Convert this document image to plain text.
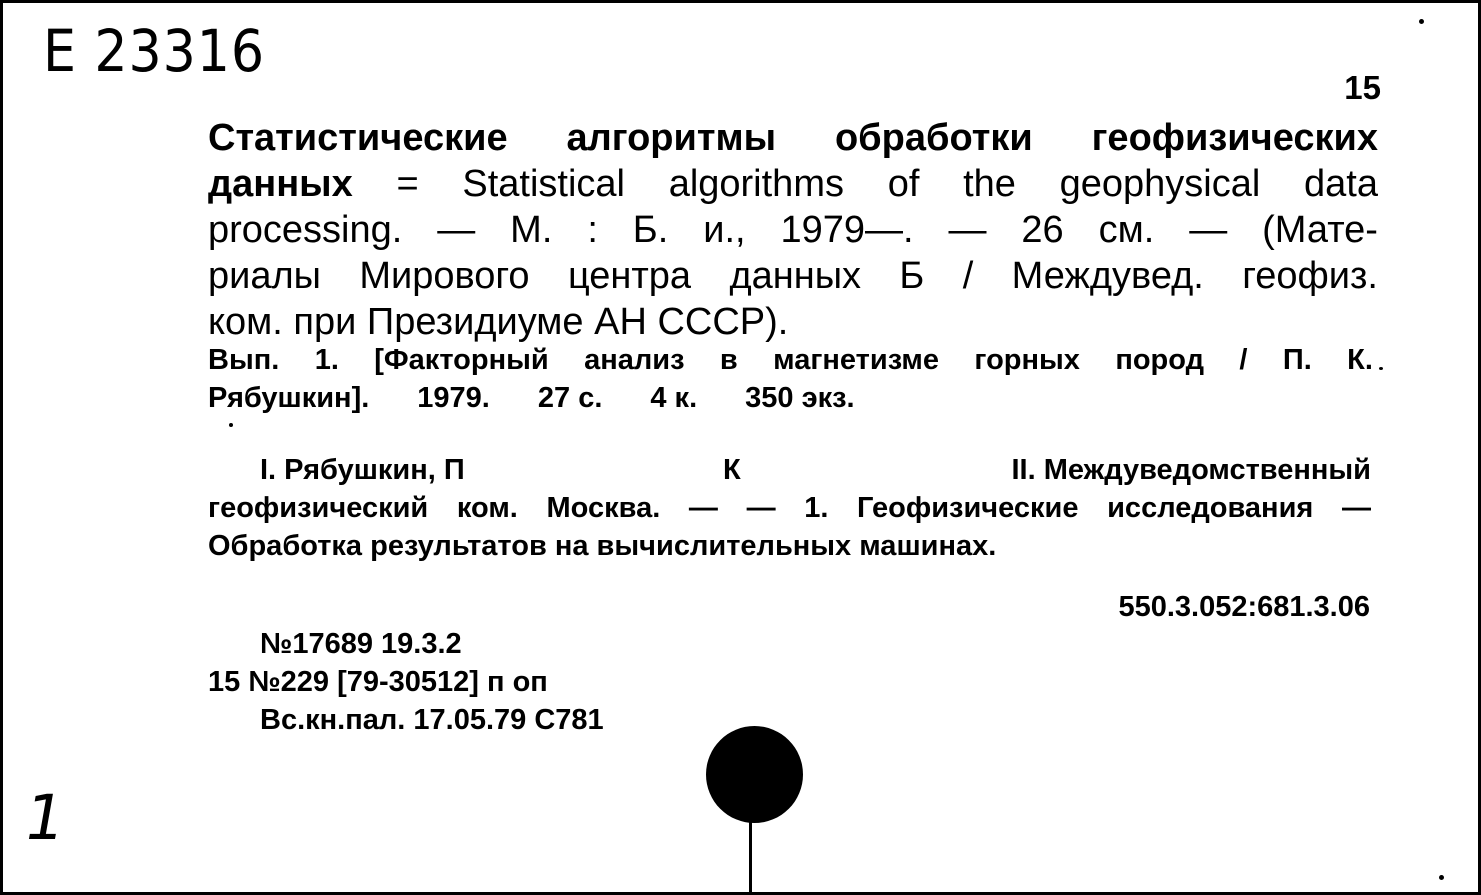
E 23316
15
Статистические алгоритмы обработки геофизических
данных = Statistical algorithms of the geophysical data
processing. — М. : Б. и., 1979—. — 26 см. — (Мате-
риалы Мирового центра данных Б / Междувед. геофиз.
ком. при Президиуме АН СССР).
Вып. 1. [Факторный анализ в магнетизме горных пород / П. К.
Рябушкин]. 1979. 27 с. 4 к. 350 экз.
I. Рябушкин, П	К	II. Междуведомственный
геофизический ком. Москва. — — 1. Геофизические исследования —
Обработка результатов на вычислительных машинах.
550.3.052:681.3.06
№17689 19.3.2
15 №229 [79-30512] п оп
Вс.кн.пал. 17.05.79 С781
1
